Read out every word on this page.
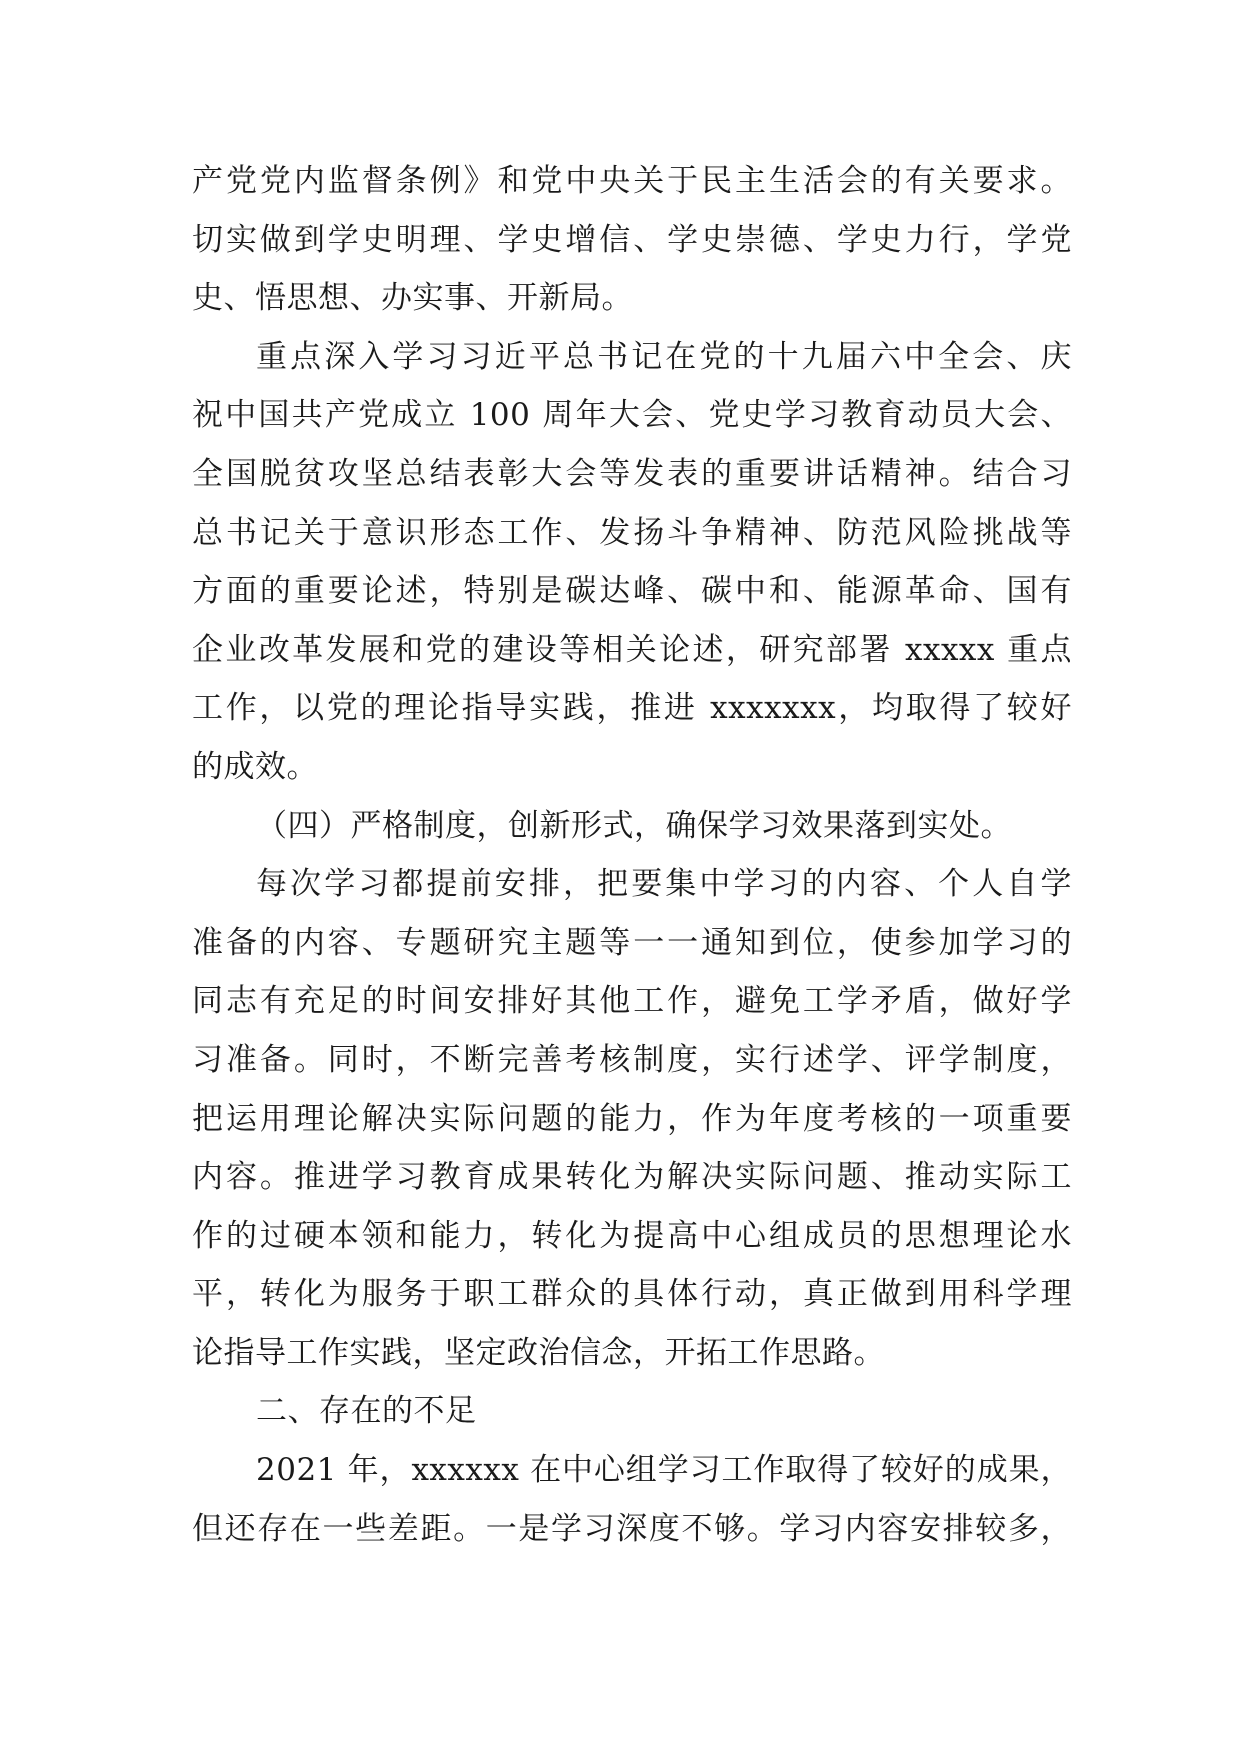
产党党内监督条例》和党中央关于民主生活会的有关要求。
切实做到学史明理、学史增信、学史崇德、学史力行，学党
史、悟思想、办实事、开新局。
重点深入学习习近平总书记在党的十九届六中全会、庆
祝中国共产党成立 100 周年大会、党史学习教育动员大会、
全国脱贫攻坚总结表彰大会等发表的重要讲话精神。结合习
总书记关于意识形态工作、发扬斗争精神、防范风险挑战等
方面的重要论述，特别是碳达峰、碳中和、能源革命、国有
企业改革发展和党的建设等相关论述，研究部署 xxxxx 重点
工作，以党的理论指导实践，推进 xxxxxxx，均取得了较好
的成效。
（四）严格制度，创新形式，确保学习效果落到实处。
每次学习都提前安排，把要集中学习的内容、个人自学
准备的内容、专题研究主题等一一通知到位，使参加学习的
同志有充足的时间安排好其他工作，避免工学矛盾，做好学
习准备。同时，不断完善考核制度，实行述学、评学制度，
把运用理论解决实际问题的能力，作为年度考核的一项重要
内容。推进学习教育成果转化为解决实际问题、推动实际工
作的过硬本领和能力，转化为提高中心组成员的思想理论水
平，转化为服务于职工群众的具体行动，真正做到用科学理
论指导工作实践，坚定政治信念，开拓工作思路。
二、存在的不足
2021 年，xxxxxx 在中心组学习工作取得了较好的成果，
但还存在一些差距。一是学习深度不够。学习内容安排较多，
